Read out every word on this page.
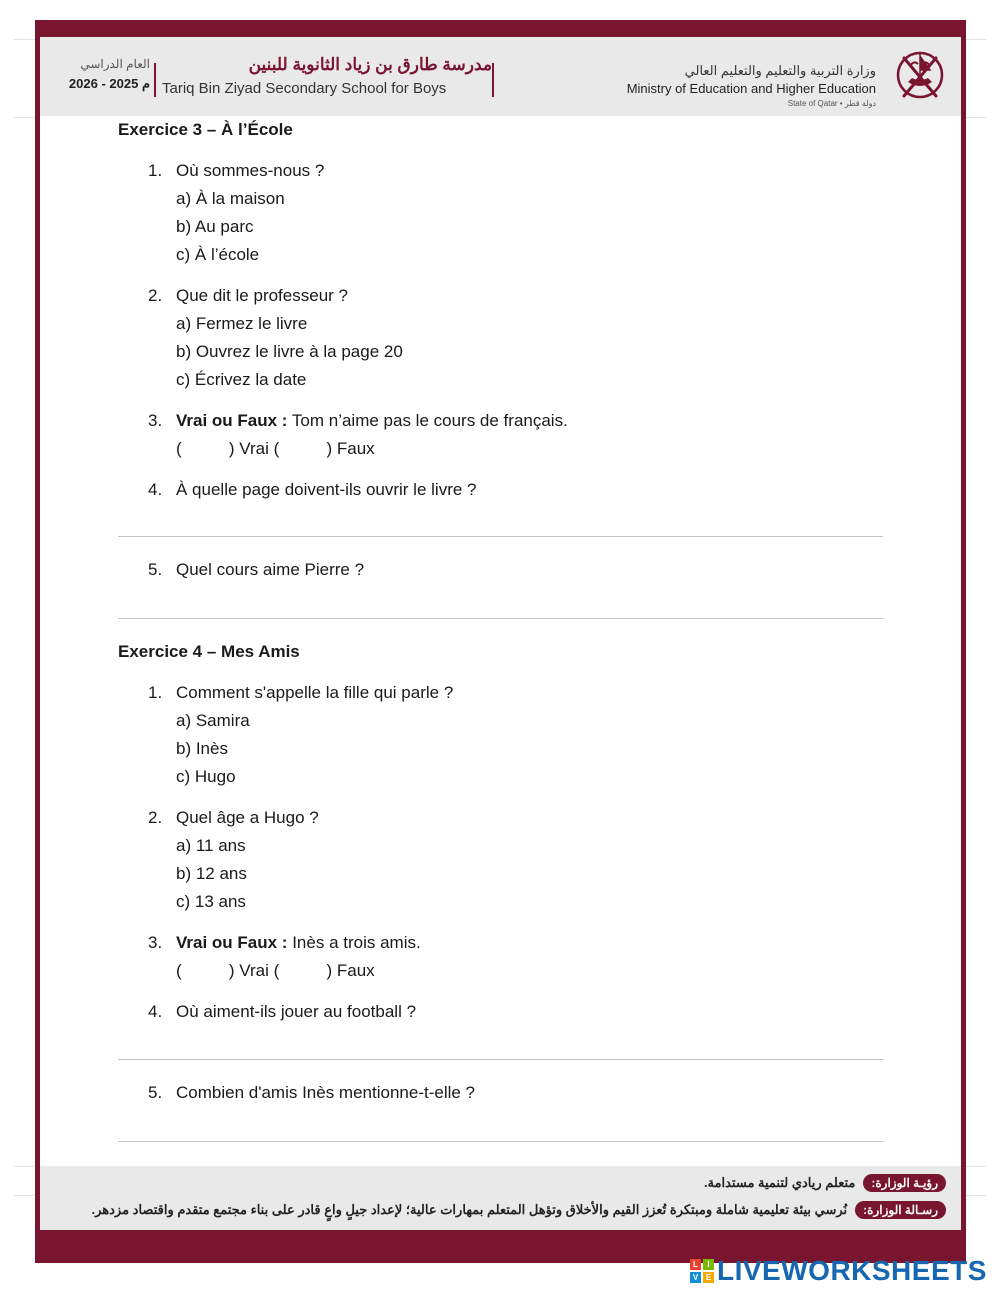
العام الدراسي
2026 - 2025 م
مدرسة طارق بن زياد الثانوية للبنين
Tariq Bin Ziyad Secondary School for Boys
وزارة التربية والتعليم والتعليم العالي
Ministry of Education and Higher Education
State of Qatar • دولة قطر
Exercice 3 – À l’École
1. Où sommes-nous ?
a) À la maison
b) Au parc
c) À l’école
2. Que dit le professeur ?
a) Fermez le livre
b) Ouvrez le livre à la page 20
c) Écrivez la date
3. Vrai ou Faux : Tom n’aime pas le cours de français.
(          ) Vrai (          ) Faux
4. À quelle page doivent-ils ouvrir le livre ?
5. Quel cours aime Pierre ?
Exercice 4 – Mes Amis
1. Comment s'appelle la fille qui parle ?
a) Samira
b) Inès
c) Hugo
2. Quel âge a Hugo ?
a) 11 ans
b) 12 ans
c) 13 ans
3. Vrai ou Faux : Inès a trois amis.
(          ) Vrai (          ) Faux
4. Où aiment-ils jouer au football ?
5. Combien d'amis Inès mentionne-t-elle ?
رؤيـة الوزارة:
متعلم ريادي لتنمية مستدامة.
رسـالة الوزارة:
نُرسي بيئة تعليمية شاملة ومبتكرة تُعزز القيم والأخلاق وتؤهل المتعلم بمهارات عالية؛ لإعداد جيلٍ واعٍ قادر على بناء مجتمع متقدم واقتصاد مزدهر.
L	I
V E LIVEWORKSHEETS
